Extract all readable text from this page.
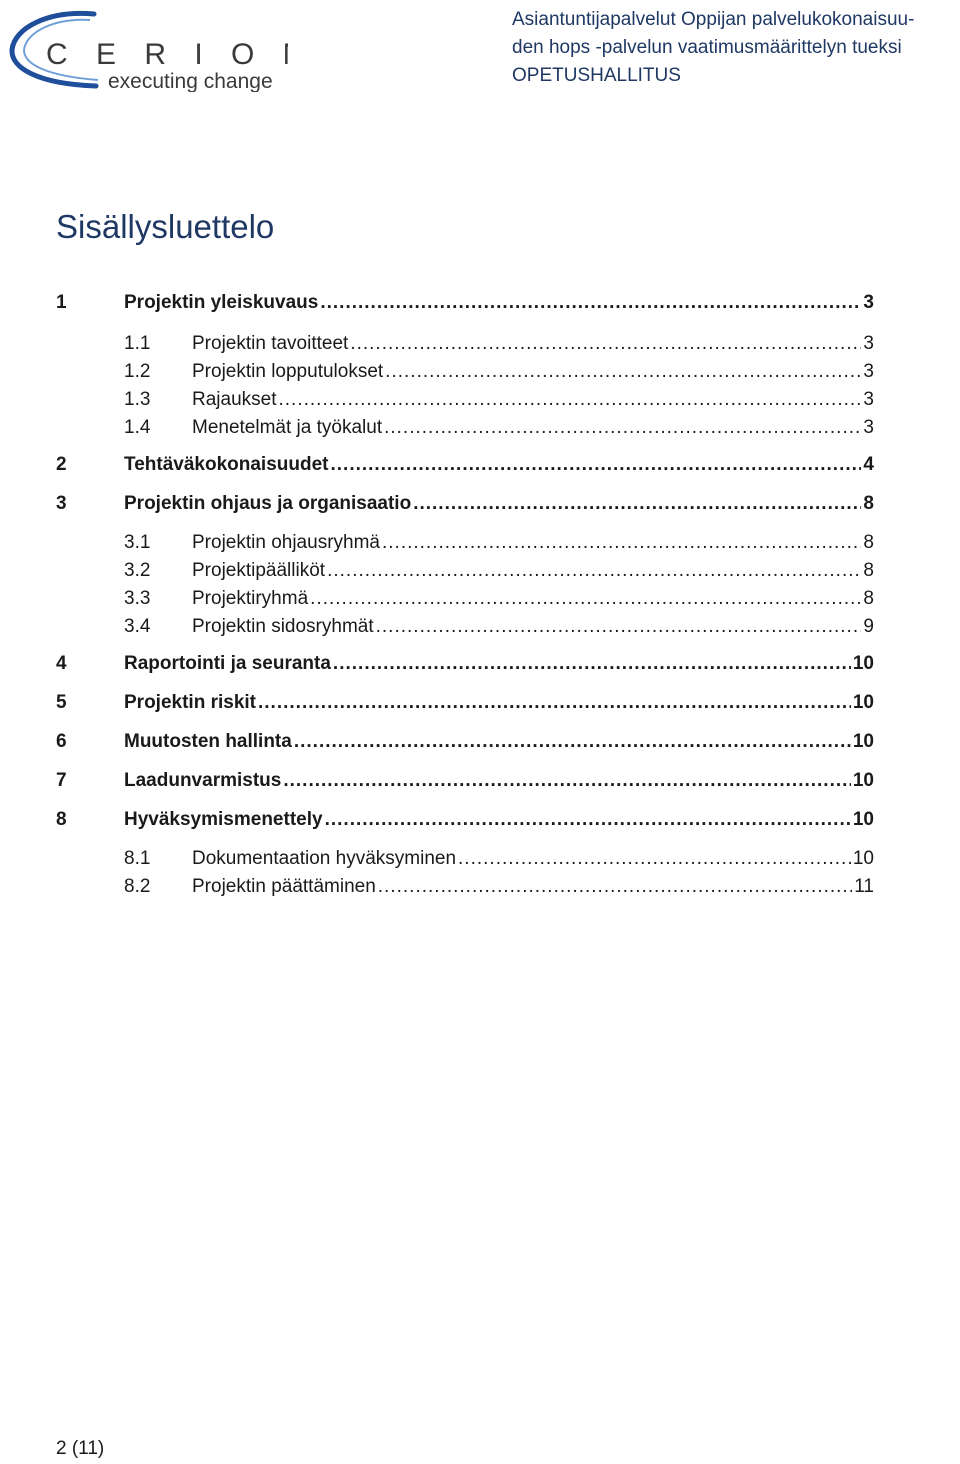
C E R I O N
executing change
Asiantuntijapalvelut Oppijan palvelukokonaisuu-
den hops -palvelun vaatimusmäärittelyn tueksi
OPETUSHALLITUS
Sisällysluettelo
1	Projektin yleiskuvaus .....	3
1.1	Projektin tavoitteet .....	3
1.2	Projektin lopputulokset .....	3
1.3	Rajaukset .....	3
1.4	Menetelmät ja työkalut .....	3
2	Tehtäväkokonaisuudet .....	4
3	Projektin ohjaus ja organisaatio .....	8
3.1	Projektin ohjausryhmä .....	8
3.2	Projektipäälliköt .....	8
3.3	Projektiryhmä .....	8
3.4	Projektin sidosryhmät .....	9
4	Raportointi ja seuranta .....	10
5	Projektin riskit .....	10
6	Muutosten hallinta .....	10
7	Laadunvarmistus .....	10
8	Hyväksymismenettely .....	10
8.1	Dokumentaation hyväksyminen .....	10
8.2	Projektin päättäminen .....	11
2 (11)
